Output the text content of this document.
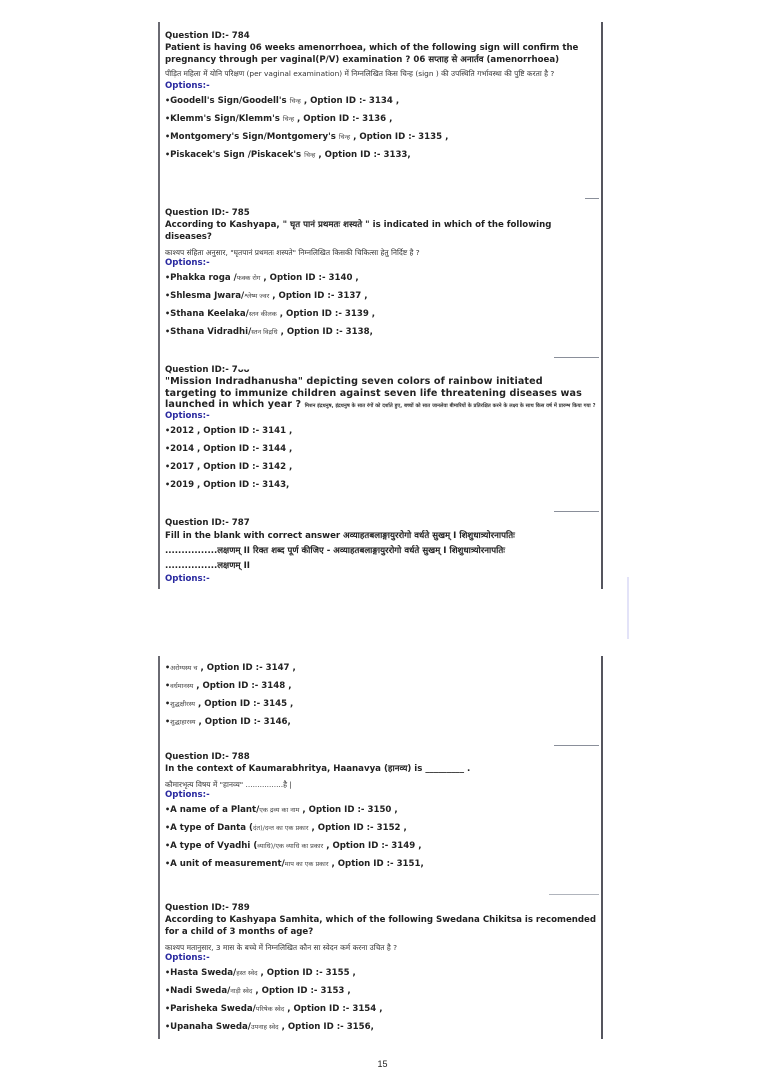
Question ID:- 784
Patient is having 06 weeks amenorrhoea, which of the following sign will confirm the pregnancy through per vaginal(P/V) examination ? 06 सप्ताह से अनार्तव (amenorrhoea)
पीड़ित महिला में योनि परिक्षण (per vaginal examination) में निम्नलिखित किस चिन्ह (sign ) की उपस्थिति गर्भावस्था की पुष्टि करता है ?
Options:-
•Goodell's Sign/Goodell's चिन्ह , Option ID :- 3134 ,
•Klemm's Sign/Klemm's चिन्ह , Option ID :- 3136 ,
•Montgomery's Sign/Montgomery's चिन्ह , Option ID :- 3135 ,
•Piskacek's Sign /Piskacek's चिन्ह , Option ID :- 3133,
Question ID:- 785
According to Kashyapa, " घृत पानं प्रथमतः शस्यते " is indicated in which of the following diseases?
काश्यप संहिता अनुसार, "घृतपानं प्रथमतः शस्यते" निम्नलिखित किसकी चिकित्सा हेतु निर्दिष्ट है ?
Options:-
•Phakka roga /फक्क रोग , Option ID :- 3140 ,
•Shlesma Jwara/श्लेष्म ज्वर , Option ID :- 3137 ,
•Sthana Keelaka/स्तन कीलक , Option ID :- 3139 ,
•Sthana Vidradhi/स्तन विद्रधि , Option ID :- 3138,
Question ID:- 7ᴗᴗ
"Mission Indradhanusha" depicting seven colors of rainbow initiated targeting to immunize children against seven life threatening diseases was launched in which year ? मिशन इंद्रधनुष, इंद्रधनुष के सात रंगों को दर्शाते हुए, बच्चों को सात जानलेवा बीमारियों के प्रतिरक्षित करने के लक्ष्य के साथ किस वर्ष में प्रारम्भ किया गया ?
Options:-
•2012 , Option ID :- 3141 ,
•2014 , Option ID :- 3144 ,
•2017 , Option ID :- 3142 ,
•2019 , Option ID :- 3143,
Question ID:- 787
Fill in the blank with correct answer अव्याहतबलाङ्गायुररोगो वर्धते सुखम् I शिशुधात्र्योरनापतिः
................लक्षणम् II रिक्त शब्द पूर्ण कीजिए - अव्याहतबलाङ्गायुररोगो वर्धते सुखम् I शिशुधात्र्योरनापतिः
................लक्षणम् II
Options:-
•अरोग्यस्य च , Option ID :- 3147 ,
•वर्धमानस्य , Option ID :- 3148 ,
•शुद्धक्षीरस्य , Option ID :- 3145 ,
•शुद्धाहारस्य , Option ID :- 3146,
Question ID:- 788
In the context of Kaumarabhritya, Haanavya (हानव्य) is _________ .
कौमारभृत्य विषय में "हानव्य" ................है |
Options:-
•A name of a Plant/एक द्रव्य का नाम , Option ID :- 3150 ,
•A type of Danta (दंत)/दन्त का एक प्रकार , Option ID :- 3152 ,
•A type of Vyadhi (व्याधि)/एक व्याधि का प्रकार , Option ID :- 3149 ,
•A unit of measurement/माप का एक प्रकार , Option ID :- 3151,
Question ID:- 789
According to Kashyapa Samhita, which of the following Swedana Chikitsa is recomended for a child of 3 months of age?
काश्यप मतानुसार, 3 मास के बच्चे में निम्नलिखित कौन सा स्वेदन कर्म करना उचित है ?
Options:-
•Hasta Sweda/हस्त स्वेद , Option ID :- 3155 ,
•Nadi Sweda/नाड़ी स्वेद , Option ID :- 3153 ,
•Parisheka Sweda/परिषेक स्वेद , Option ID :- 3154 ,
•Upanaha Sweda/उपनाह स्वेद , Option ID :- 3156,
15
